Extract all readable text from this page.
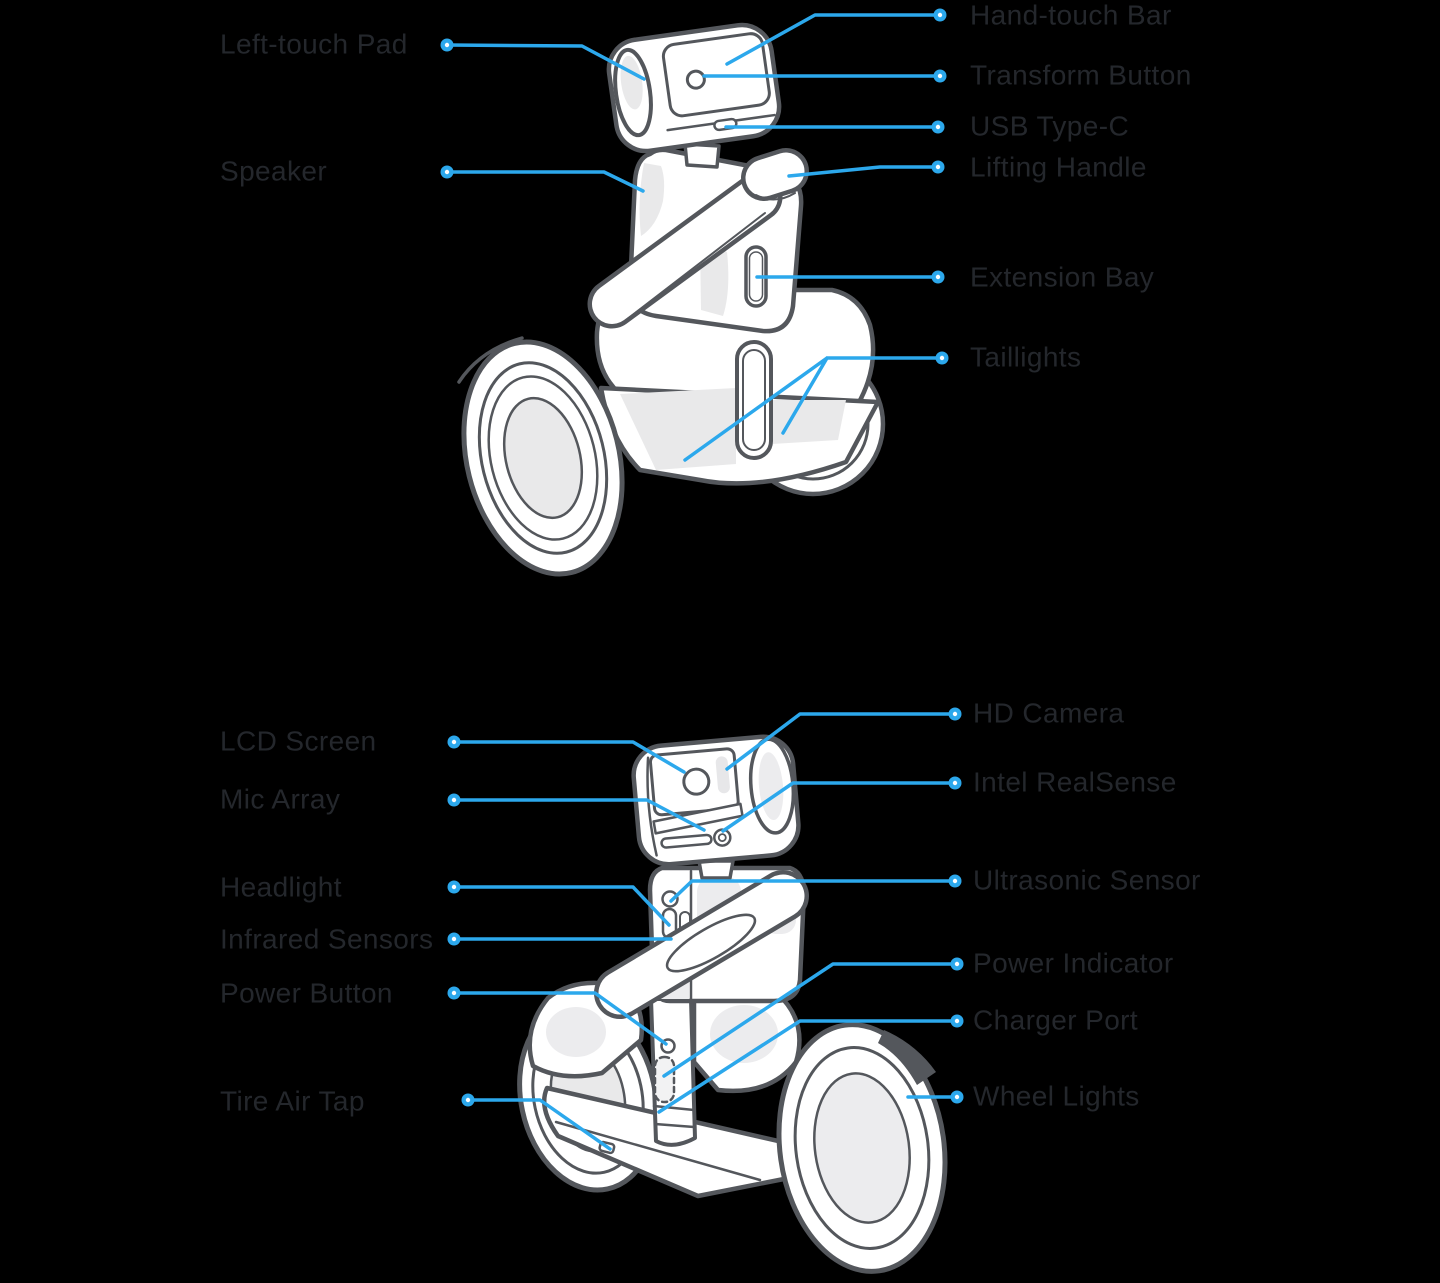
Left-touch Pad
Speaker
Hand-touch Bar
Transform Button
USB Type-C
Lifting Handle
Extension Bay
Taillights
LCD Screen
Mic Array
Headlight
Infrared Sensors
Power Button
Tire Air Tap
HD Camera
Intel RealSense
Ultrasonic Sensor
Power Indicator
Charger Port
Wheel Lights
